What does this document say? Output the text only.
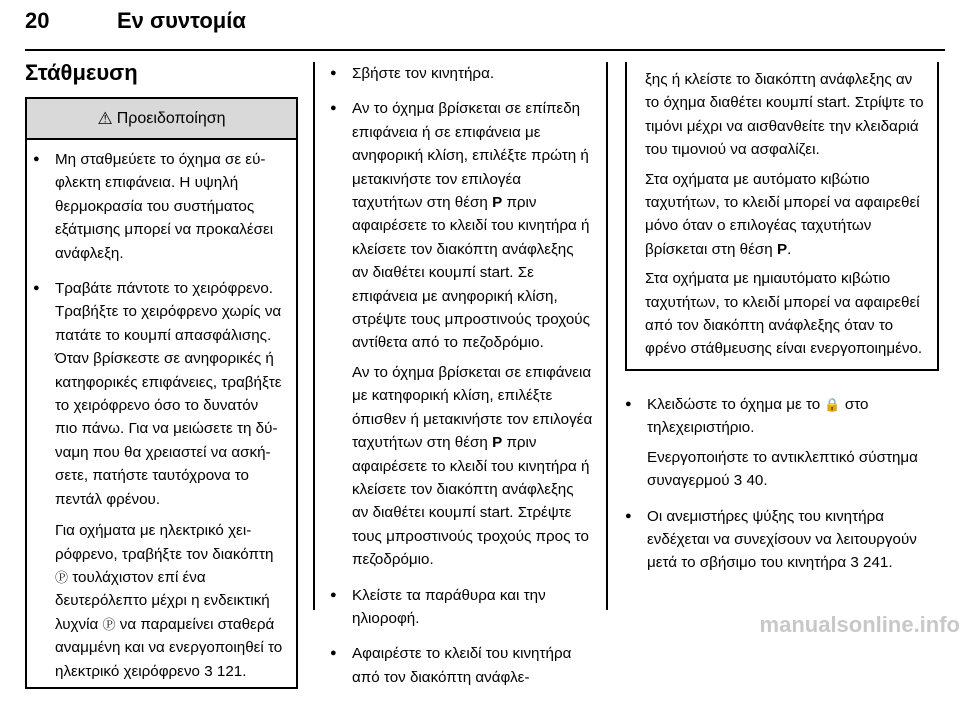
20	Εν συντομία
Στάθμευση
⚠ Προειδοποίηση
● Μη σταθμεύετε το όχημα σε εύφλεκτη επιφάνεια. Η υψηλή θερμοκρασία του συστήματος εξάτμισης μπορεί να προκαλέσει ανάφλεξη.
● Τραβάτε πάντοτε το χειρόφρενο. Τραβήξτε το χειρόφρενο χωρίς να πατάτε το κουμπί απασφάλισης. Όταν βρίσκεστε σε ανηφορικές ή κατηφορικές επιφάνειες, τραβήξτε το χειρόφρενο όσο το δυνατόν πιο πάνω. Για να μειώσετε τη δύναμη που θα χρειαστεί να ασκήσετε, πατήστε ταυτόχρονα το πεντάλ φρένου.
Για οχήματα με ηλεκτρικό χειρόφρενο, τραβήξτε τον διακόπτη Ⓟ τουλάχιστον επί ένα δευτερόλεπτο μέχρι η ενδεικτική λυχνία Ⓟ να παραμείνει σταθερά αναμμένη και να ενεργοποιηθεί το ηλεκτρικό χειρόφρενο 3 121.
● Σβήστε τον κινητήρα.
● Αν το όχημα βρίσκεται σε επίπεδη επιφάνεια ή σε επιφάνεια με ανηφορική κλίση, επιλέξτε πρώτη ή μετακινήστε τον επιλογέα ταχυτήτων στη θέση P πριν αφαιρέσετε το κλειδί του κινητήρα ή κλείσετε τον διακόπτη ανάφλεξης αν διαθέτει κουμπί start. Σε επιφάνεια με ανηφορική κλίση, στρέψτε τους μπροστινούς τροχούς αντίθετα από το πεζοδρόμιο.
Αν το όχημα βρίσκεται σε επιφάνεια με κατηφορική κλίση, επιλέξτε όπισθεν ή μετακινήστε τον επιλογέα ταχυτήτων στη θέση P πριν αφαιρέσετε το κλειδί του κινητήρα ή κλείσετε τον διακόπτη ανάφλεξης αν διαθέτει κουμπί start. Στρέψτε τους μπροστινούς τροχούς προς το πεζοδρόμιο.
● Κλείστε τα παράθυρα και την ηλιοροφή.
● Αφαιρέστε το κλειδί του κινητήρα από τον διακόπτη ανάφλε-
ξης ή κλείστε το διακόπτη ανάφλεξης αν το όχημα διαθέτει κουμπί start. Στρίψτε το τιμόνι μέχρι να αισθανθείτε την κλειδαριά του τιμονιού να ασφαλίζει.
Στα οχήματα με αυτόματο κιβώτιο ταχυτήτων, το κλειδί μπορεί να αφαιρεθεί μόνο όταν ο επιλογέας ταχυτήτων βρίσκεται στη θέση P.
Στα οχήματα με ημιαυτόματο κιβώτιο ταχυτήτων, το κλειδί μπορεί να αφαιρεθεί από τον διακόπτη ανάφλεξης όταν το φρένο στάθμευσης είναι ενεργοποιημένο.
● Κλειδώστε το όχημα με το 🔒 στο τηλεχειριστήριο.
Ενεργοποιήστε το αντικλεπτικό σύστημα συναγερμού 3 40.
● Οι ανεμιστήρες ψύξης του κινητήρα ενδέχεται να συνεχίσουν να λειτουργούν μετά το σβήσιμο του κινητήρα 3 241.
manualsonline.info
